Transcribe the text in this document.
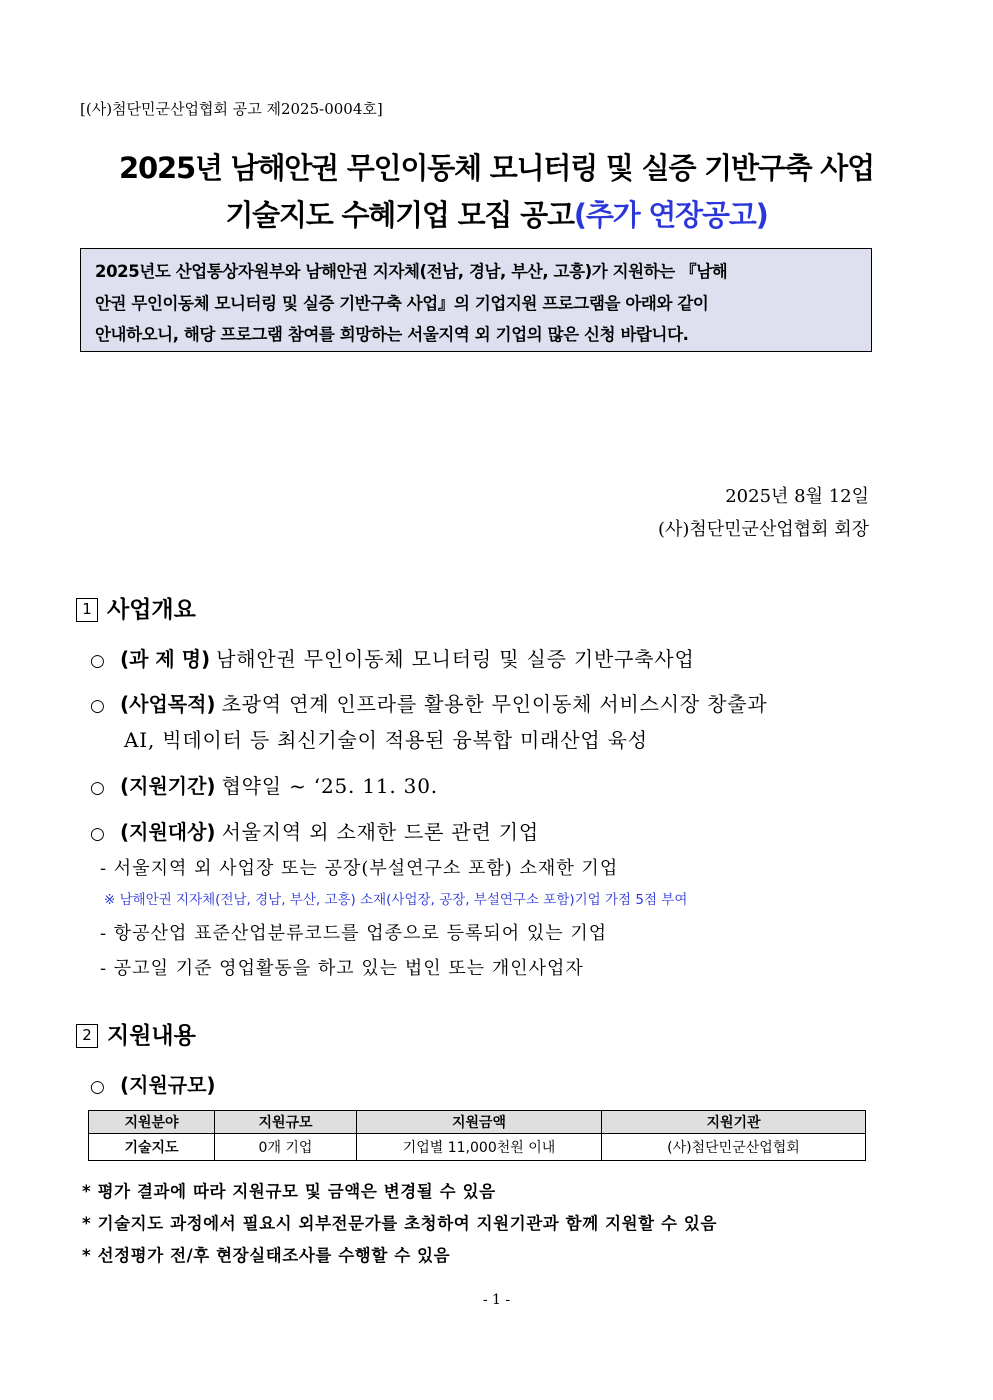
[(사)첨단민군산업협회 공고 제2025-0004호]
2025년 남해안권 무인이동체 모니터링 및 실증 기반구축 사업
기술지도 수혜기업 모집 공고(추가 연장공고)
2025년도 산업통상자원부와 남해안권 지자체(전남, 경남, 부산, 고흥)가 지원하는 『남해
안권 무인이동체 모니터링 및 실증 기반구축 사업』의 기업지원 프로그램을 아래와 같이
안내하오니, 해당 프로그램 참여를 희망하는 서울지역 외 기업의 많은 신청 바랍니다.
2025년 8월 12일
(사)첨단민군산업협회 회장
1 사업개요
○ (과 제 명) 남해안권 무인이동체 모니터링 및 실증 기반구축사업
○ (사업목적) 초광역 연계 인프라를 활용한 무인이동체 서비스시장 창출과
AI, 빅데이터 등 최신기술이 적용된 융복합 미래산업 육성
○ (지원기간) 협약일 ~ ‘25. 11. 30.
○ (지원대상) 서울지역 외 소재한 드론 관련 기업
- 서울지역 외 사업장 또는 공장(부설연구소 포함) 소재한 기업
※ 남해안권 지자체(전남, 경남, 부산, 고흥) 소재(사업장, 공장, 부설연구소 포함)기업 가점 5점 부여
- 항공산업 표준산업분류코드를 업종으로 등록되어 있는 기업
- 공고일 기준 영업활동을 하고 있는 법인 또는 개인사업자
2 지원내용
○ (지원규모)
지원분야	지원규모	지원금액	지원기관
기술지도	0개 기업	기업별 11,000천원 이내	(사)첨단민군산업협회
* 평가 결과에 따라 지원규모 및 금액은 변경될 수 있음
* 기술지도 과정에서 필요시 외부전문가를 초청하여 지원기관과 함께 지원할 수 있음
* 선정평가 전/후 현장실태조사를 수행할 수 있음
- 1 -
